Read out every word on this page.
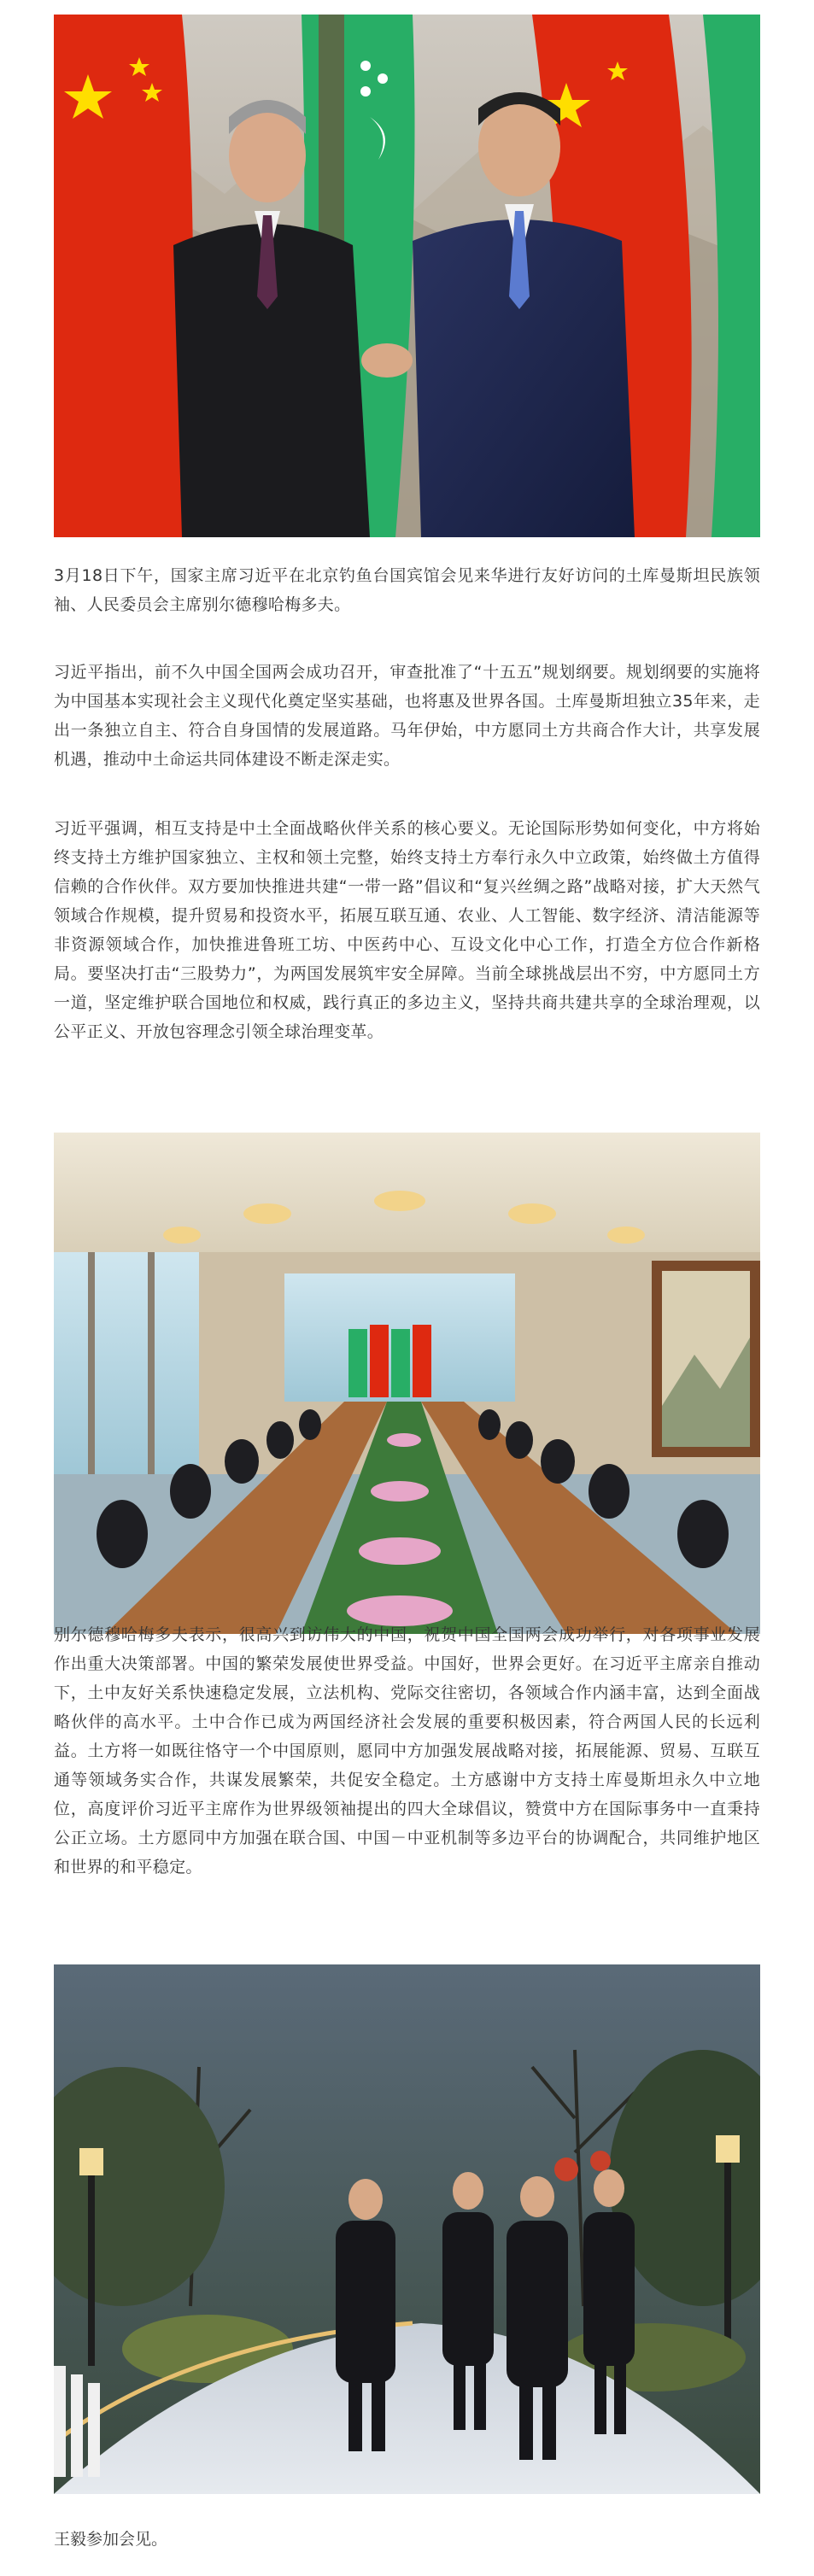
3月18日下午，国家主席习近平在北京钓鱼台国宾馆会见来华进行友好访问的土库曼斯坦民族领袖、人民委员会主席别尔德穆哈梅多夫。

习近平指出，前不久中国全国两会成功召开，审查批准了“十五五”规划纲要。规划纲要的实施将为中国基本实现社会主义现代化奠定坚实基础，也将惠及世界各国。土库曼斯坦独立35年来，走出一条独立自主、符合自身国情的发展道路。马年伊始，中方愿同土方共商合作大计，共享发展机遇，推动中土命运共同体建设不断走深走实。

习近平强调，相互支持是中土全面战略伙伴关系的核心要义。无论国际形势如何变化，中方将始终支持土方维护国家独立、主权和领土完整，始终支持土方奉行永久中立政策，始终做土方值得信赖的合作伙伴。双方要加快推进共建“一带一路”倡议和“复兴丝绸之路”战略对接，扩大天然气领域合作规模，提升贸易和投资水平，拓展互联互通、农业、人工智能、数字经济、清洁能源等非资源领域合作，加快推进鲁班工坊、中医药中心、互设文化中心工作，打造全方位合作新格局。要坚决打击“三股势力”，为两国发展筑牢安全屏障。当前全球挑战层出不穷，中方愿同土方一道，坚定维护联合国地位和权威，践行真正的多边主义，坚持共商共建共享的全球治理观，以公平正义、开放包容理念引领全球治理变革。

别尔德穆哈梅多夫表示，很高兴到访伟大的中国，祝贺中国全国两会成功举行，对各项事业发展作出重大决策部署。中国的繁荣发展使世界受益。中国好，世界会更好。在习近平主席亲自推动下，土中友好关系快速稳定发展，立法机构、党际交往密切，各领域合作内涵丰富，达到全面战略伙伴的高水平。土中合作已成为两国经济社会发展的重要积极因素，符合两国人民的长远利益。土方将一如既往恪守一个中国原则，愿同中方加强发展战略对接，拓展能源、贸易、互联互通等领域务实合作，共谋发展繁荣，共促安全稳定。土方感谢中方支持土库曼斯坦永久中立地位，高度评价习近平主席作为世界级领袖提出的四大全球倡议，赞赏中方在国际事务中一直秉持公正立场。土方愿同中方加强在联合国、中国－中亚机制等多边平台的协调配合，共同维护地区和世界的和平稳定。

王毅参加会见。
